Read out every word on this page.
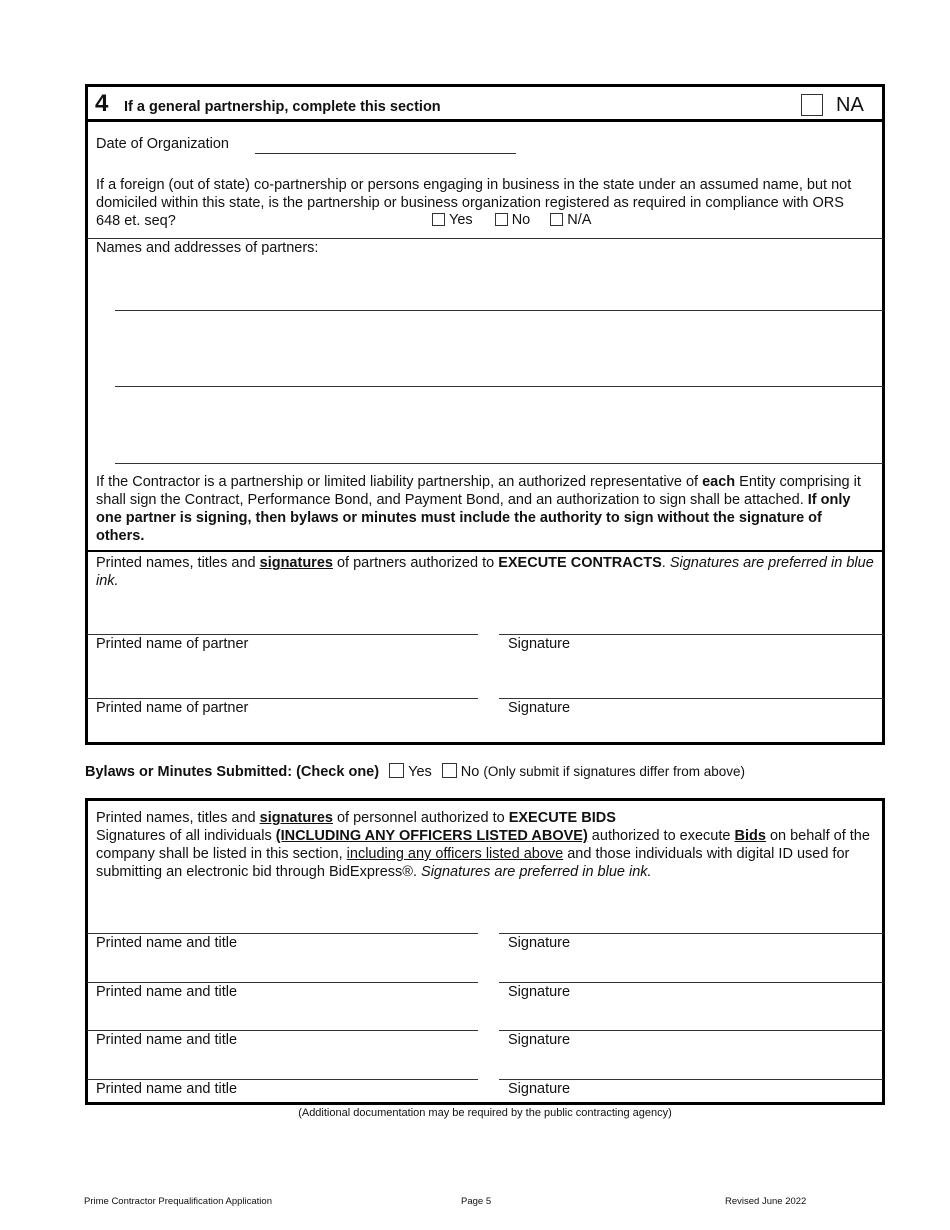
4 If a general partnership, complete this section	NA
Date of Organization

If a foreign (out of state) co-partnership or persons engaging in business in the state under an assumed name, but not domiciled within this state, is the partnership or business organization registered as required in compliance with ORS 648 et. seq?	Yes	No	N/A
Names and addresses of partners:

If the Contractor is a partnership or limited liability partnership, an authorized representative of each Entity comprising it shall sign the Contract, Performance Bond, and Payment Bond, and an authorization to sign shall be attached. If only one partner is signing, then bylaws or minutes must include the authority to sign without the signature of others.

Printed names, titles and signatures of partners authorized to EXECUTE CONTRACTS. Signatures are preferred in blue ink.

Printed name of partner	Signature
Printed name of partner	Signature
Bylaws or Minutes Submitted: (Check one) Yes No (Only submit if signatures differ from above)

Printed names, titles and signatures of personnel authorized to EXECUTE BIDS
Signatures of all individuals (INCLUDING ANY OFFICERS LISTED ABOVE) authorized to execute Bids on behalf of the company shall be listed in this section, including any officers listed above and those individuals with digital ID used for submitting an electronic bid through BidExpress®. Signatures are preferred in blue ink.

Printed name and title	Signature
Printed name and title	Signature
Printed name and title	Signature
Printed name and title	Signature
(Additional documentation may be required by the public contracting agency)
Prime Contractor Prequalification Application	Page 5	Revised June 2022
